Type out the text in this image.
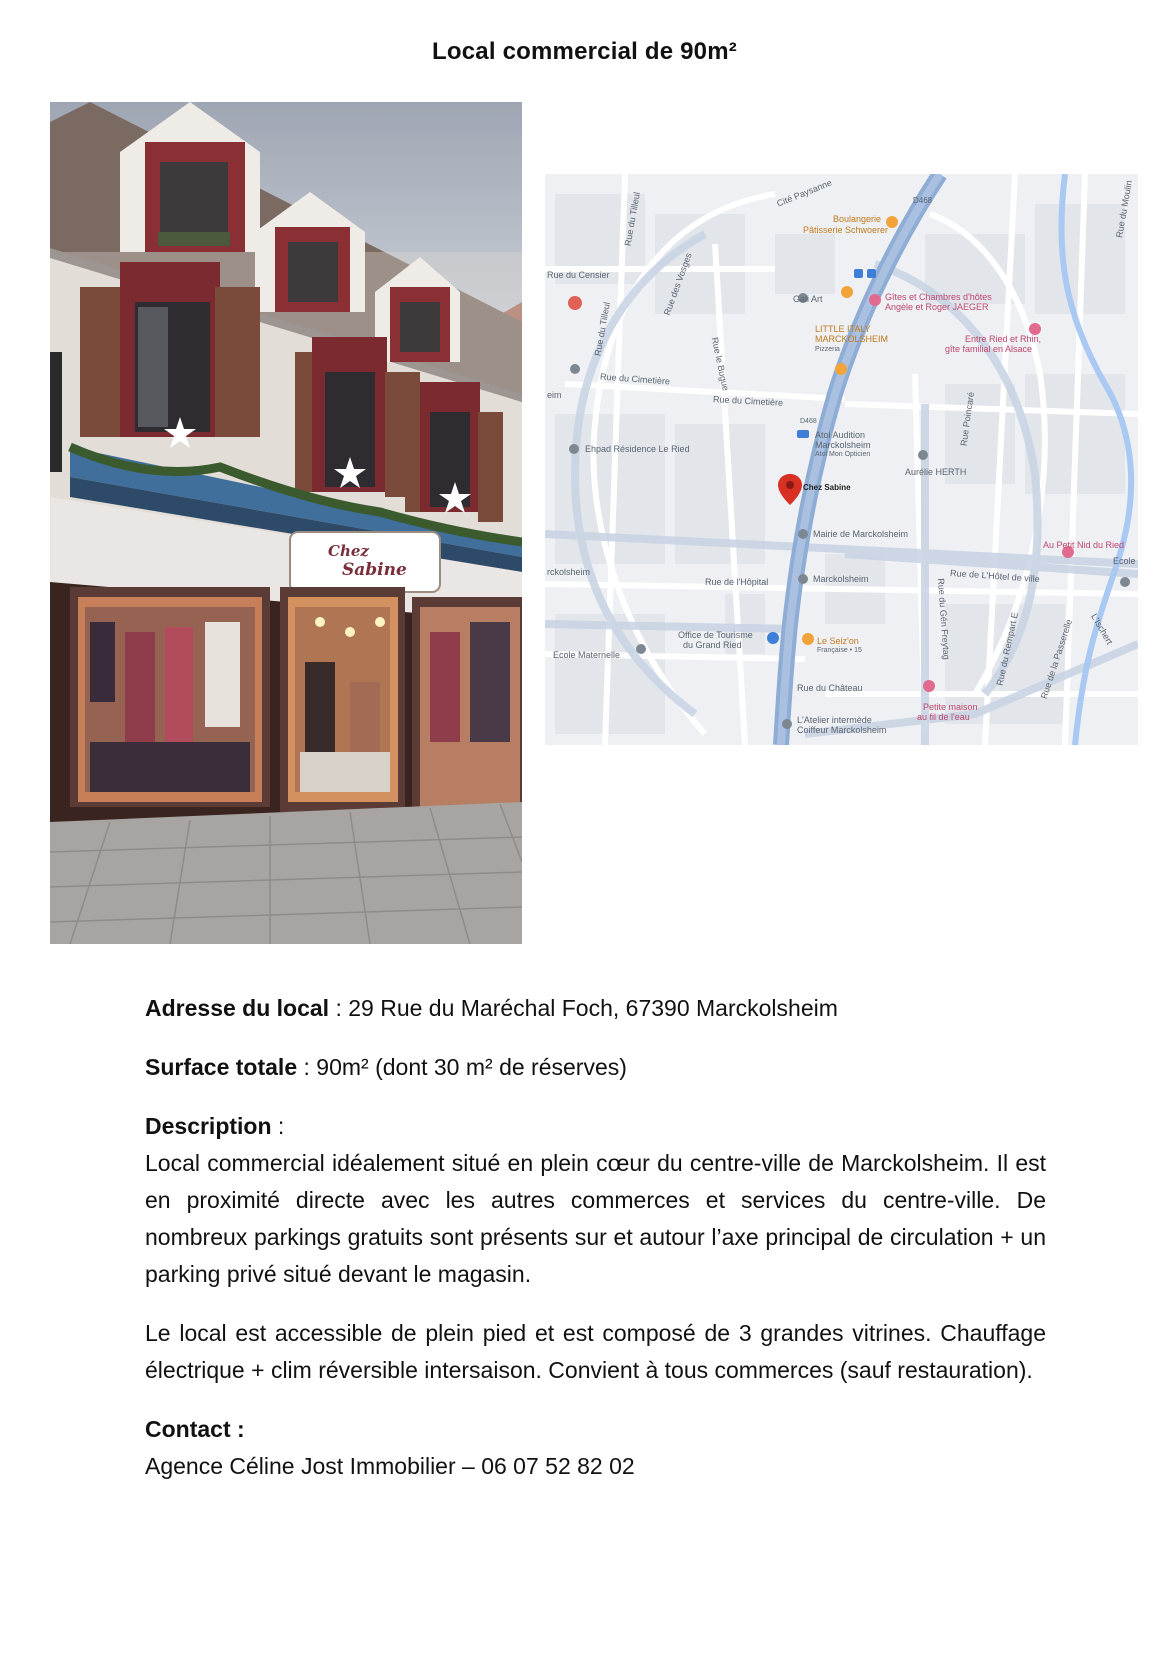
Local commercial de 90m²
Chez
Sabine
Cité Paysanne	D468
Rue du Tilleul	Rue du Moulin
Boulangerie
Pâtisserie Schwoerer
Rue du Censier	Rue des Vosges
Rue du Tilleul
Gali Art	Gîtes et Chambres d'hôtes
Angèle et Roger JAEGER
LITTLE ITALY
MARCKOLSHEIM
Pizzeria
Entre Ried et Rhin,
gîte familial en Alsace
Rue le Bugue
Rue du Cimetière
Rue du Cimetière
eim	Rue Poincaré
D468
Atol Audition
Marckolsheim
Atol Mon Opticien
Ehpad Résidence Le Ried
Aurélie HERTH
Chez Sabine
Mairie de Marckolsheim
Au Petit Nid du Ried
Rue de l'Hôpital	Marckolsheim	Rue de L'Hôtel de ville
Ecole
rckolsheim
Rue du Gén Freytag	Rue du Rempart E	L'Ischert
Office de Tourisme
du Grand Ried	Le Seiz'on
Française • 15
Ecole Maternelle	Rue de la Passerelle
Rue du Château
Petite maison
au fil de l'eau
L'Atelier intermède
Coiffeur Marckolsheim

Adresse du local : 29 Rue du Maréchal Foch, 67390 Marckolsheim

Surface totale : 90m² (dont 30 m² de réserves)

Description :

Local commercial idéalement situé en plein cœur du centre-ville de Marckolsheim. Il est en proximité directe avec les autres commerces et services du centre-ville. De nombreux parkings gratuits sont présents sur et autour l’axe principal de circulation + un parking privé situé devant le magasin.

Le local est accessible de plein pied et est composé de 3 grandes vitrines. Chauffage électrique + clim réversible intersaison. Convient à tous commerces (sauf restauration).

Contact :
Agence Céline Jost Immobilier – 06 07 52 82 02
